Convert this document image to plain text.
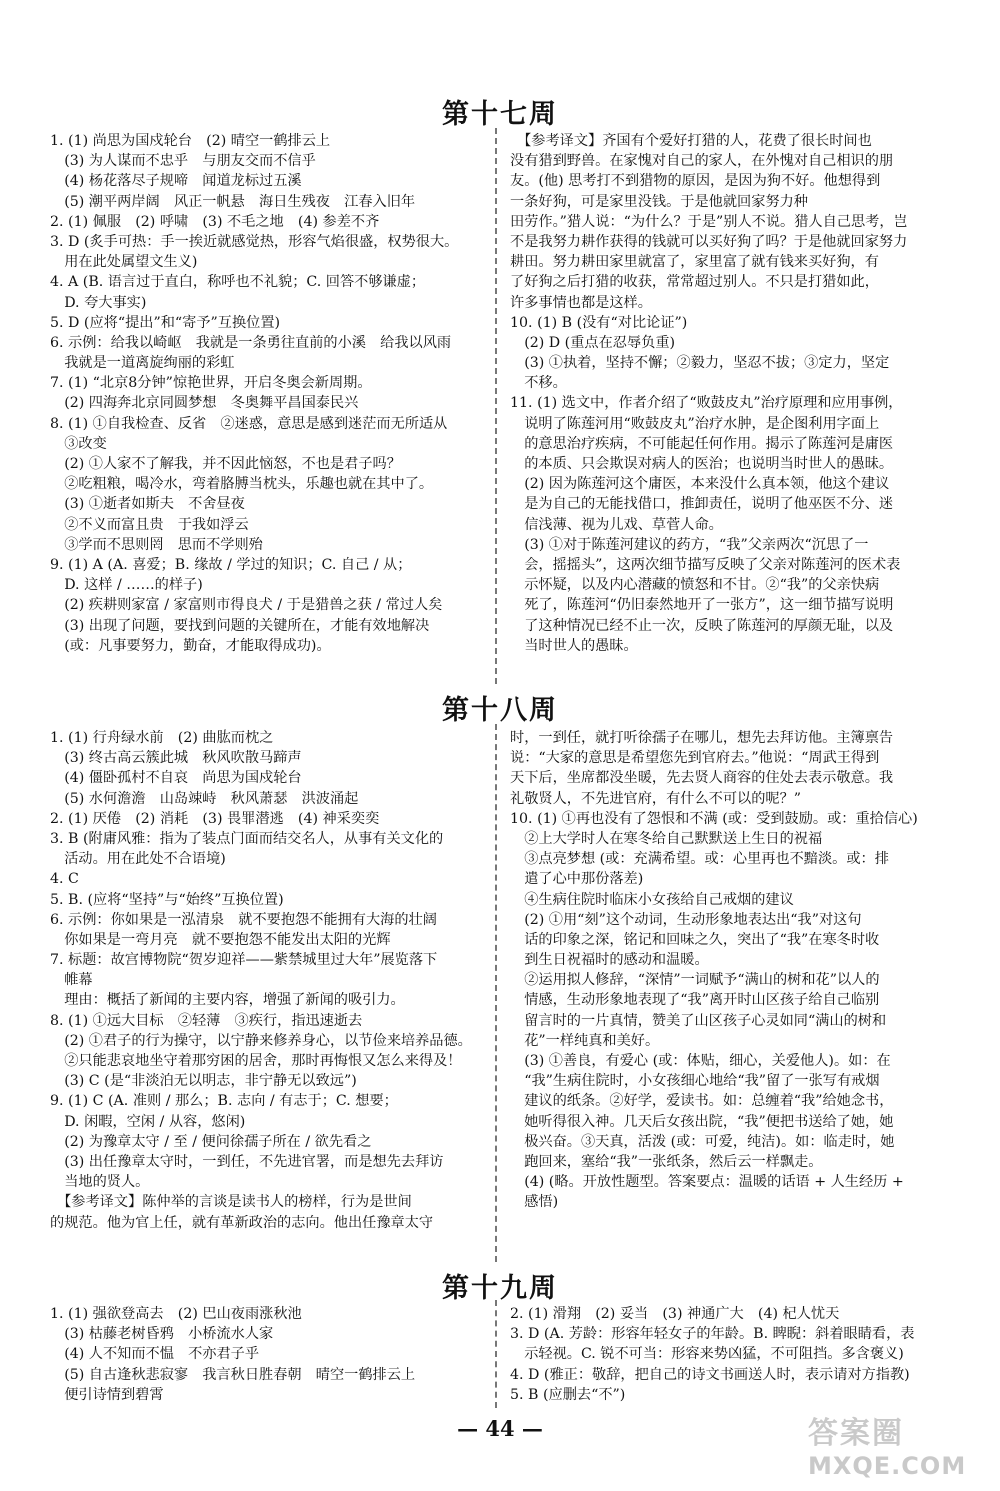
第十七周
1. (1) 尚思为国戍轮台　(2) 晴空一鹤排云上
　(3) 为人谋而不忠乎　与朋友交而不信乎
　(4) 杨花落尽子规啼　闻道龙标过五溪
　(5) 潮平两岸阔　风正一帆悬　海日生残夜　江春入旧年
2. (1) 佩服　(2) 呼啸　(3) 不毛之地　(4) 参差不齐
3. D (炙手可热：手一挨近就感觉热，形容气焰很盛，权势很大。
　用在此处属望文生义)
4. A (B. 语言过于直白，称呼也不礼貌；C. 回答不够谦虚；
　D. 夸大事实)
5. D (应将“提出”和“寄予”互换位置)
6. 示例：给我以崎岖　我就是一条勇往直前的小溪　给我以风雨
　我就是一道离旋绚丽的彩虹
7. (1) “北京8分钟”惊艳世界，开启冬奥会新周期。
　(2) 四海奔北京同圆梦想　冬奥舞平昌国泰民兴
8. (1) ①自我检查、反省　②迷惑，意思是感到迷茫而无所适从
　③改变
　(2) ①人家不了解我，并不因此恼怒，不也是君子吗？
　②吃粗粮，喝冷水，弯着胳膊当枕头，乐趣也就在其中了。
　(3) ①逝者如斯夫　不舍昼夜
　②不义而富且贵　于我如浮云
　③学而不思则罔　思而不学则殆
9. (1) A (A. 喜爱；B. 缘故 / 学过的知识；C. 自己 / 从；
　D. 这样 / ……的样子)
　(2) 疾耕则家富 / 家富则市得良犬 / 于是猎兽之获 / 常过人矣
　(3) 出现了问题，要找到问题的关键所在，才能有效地解决
　(或：凡事要努力，勤奋，才能取得成功)。
　【参考译文】齐国有个爱好打猎的人，花费了很长时间也
没有猎到野兽。在家愧对自己的家人，在外愧对自己相识的朋
友。(他) 思考打不到猎物的原因，是因为狗不好。他想得到
一条好狗，可是家里没钱。于是他就回家努力种
田劳作。”猎人说：“为什么？于是”别人不说。猎人自己思考，岂
不是我努力耕作获得的钱就可以买好狗了吗？于是他就回家努力
耕田。努力耕田家里就富了，家里富了就有钱来买好狗，有
了好狗之后打猎的收获，常常超过别人。不只是打猎如此，
许多事情也都是这样。
10. (1) B (没有“对比论证”)
　(2) D (重点在忍辱负重)
　(3) ①执着，坚持不懈；②毅力，坚忍不拔；③定力，坚定
　不移。
11. (1) 选文中，作者介绍了“败鼓皮丸”治疗原理和应用事例，
　说明了陈莲河用“败鼓皮丸”治疗水肿，是企图利用字面上
　的意思治疗疾病，不可能起任何作用。揭示了陈莲河是庸医
　的本质、只会欺误对病人的医治；也说明当时世人的愚昧。
　(2) 因为陈莲河这个庸医，本来没什么真本领，他这个建议
　是为自己的无能找借口，推卸责任，说明了他巫医不分、迷
　信浅薄、视为儿戏、草菅人命。
　(3) ①对于陈莲河建议的药方，“我”父亲两次“沉思了一
　会，摇摇头”，这两次细节描写反映了父亲对陈莲河的医术表
　示怀疑，以及内心潜藏的愤怒和不甘。②“我”的父亲快病
　死了，陈莲河“仍旧泰然地开了一张方”，这一细节描写说明
　了这种情况已经不止一次，反映了陈莲河的厚颜无耻，以及
　当时世人的愚昧。
第十八周
1. (1) 行舟绿水前　(2) 曲肱而枕之
　(3) 终古高云簇此城　秋风吹散马蹄声
　(4) 僵卧孤村不自哀　尚思为国戍轮台
　(5) 水何澹澹　山岛竦峙　秋风萧瑟　洪波涌起
2. (1) 厌倦　(2) 消耗　(3) 畏罪潜逃　(4) 神采奕奕
3. B (附庸风雅：指为了装点门面而结交名人，从事有关文化的
　活动。用在此处不合语境)
4. C
5. B. (应将“坚持”与“始终”互换位置)
6. 示例：你如果是一泓清泉　就不要抱怨不能拥有大海的壮阔
　你如果是一弯月亮　就不要抱怨不能发出太阳的光辉
7. 标题：故宫博物院“贺岁迎祥——紫禁城里过大年”展览落下
　帷幕
　理由：概括了新闻的主要内容，增强了新闻的吸引力。
8. (1) ①远大目标　②轻薄　③疾行，指迅速逝去
　(2) ①君子的行为操守，以宁静来修养身心，以节俭来培养品德。
　②只能悲哀地坐守着那穷困的居舍，那时再悔恨又怎么来得及！
　(3) C (是“非淡泊无以明志，非宁静无以致远”)
9. (1) C (A. 准则 / 那么；B. 志向 / 有志于；C. 想要；
　D. 闲暇，空闲 / 从容，悠闲)
　(2) 为豫章太守 / 至 / 便问徐孺子所在 / 欲先看之
　(3) 出任豫章太守时，一到任，不先进官署，而是想先去拜访
　当地的贤人。
　【参考译文】陈仲举的言谈是读书人的榜样，行为是世间
的规范。他为官上任，就有革新政治的志向。他出任豫章太守
时，一到任，就打听徐孺子在哪儿，想先去拜访他。主簿禀告
说：“大家的意思是希望您先到官府去。”他说：“周武王得到
天下后，坐席都没坐暖，先去贤人商容的住处去表示敬意。我
礼敬贤人，不先进官府，有什么不可以的呢？”
10. (1) ①再也没有了怨恨和不满 (或：受到鼓励。或：重拾信心)
　②上大学时人在寒冬给自己默默送上生日的祝福
　③点亮梦想 (或：充满希望。或：心里再也不黯淡。或：排
　遣了心中那份落差)
　④生病住院时临床小女孩给自己戒烟的建议
　(2) ①用“刻”这个动词，生动形象地表达出“我”对这句
　话的印象之深，铭记和回味之久，突出了“我”在寒冬时收
　到生日祝福时的感动和温暖。
　②运用拟人修辞，“深情”一词赋予“满山的树和花”以人的
　情感，生动形象地表现了“我”离开时山区孩子给自己临别
　留言时的一片真情，赞美了山区孩子心灵如同“满山的树和
　花”一样纯真和美好。
　(3) ①善良，有爱心 (或：体贴，细心，关爱他人)。如：在
　“我”生病住院时，小女孩细心地给“我”留了一张写有戒烟
　建议的纸条。②好学，爱读书。如：总缠着“我”给她念书，
　她听得很入神。几天后女孩出院，“我”便把书送给了她，她
　极兴奋。③天真，活泼 (或：可爱，纯洁)。如：临走时，她
　跑回来，塞给“我”一张纸条，然后云一样飘走。
　(4) (略。开放性题型。答案要点：温暖的话语 + 人生经历 +
　感悟)
第十九周
1. (1) 强欲登高去　(2) 巴山夜雨涨秋池
　(3) 枯藤老树昏鸦　小桥流水人家
　(4) 人不知而不愠　不亦君子乎
　(5) 自古逢秋悲寂寥　我言秋日胜春朝　晴空一鹤排云上
　便引诗情到碧霄
2. (1) 滑翔　(2) 妥当　(3) 神通广大　(4) 杞人忧天
3. D (A. 芳龄：形容年轻女子的年龄。B. 睥睨：斜着眼睛看，表
　示轻视。C. 锐不可当：形容来势凶猛，不可阻挡。多含褒义)
4. D (雅正：敬辞，把自己的诗文书画送人时，表示请对方指教)
5. B (应删去“不”)
— 44 —	答案圈
MXQE.COM
